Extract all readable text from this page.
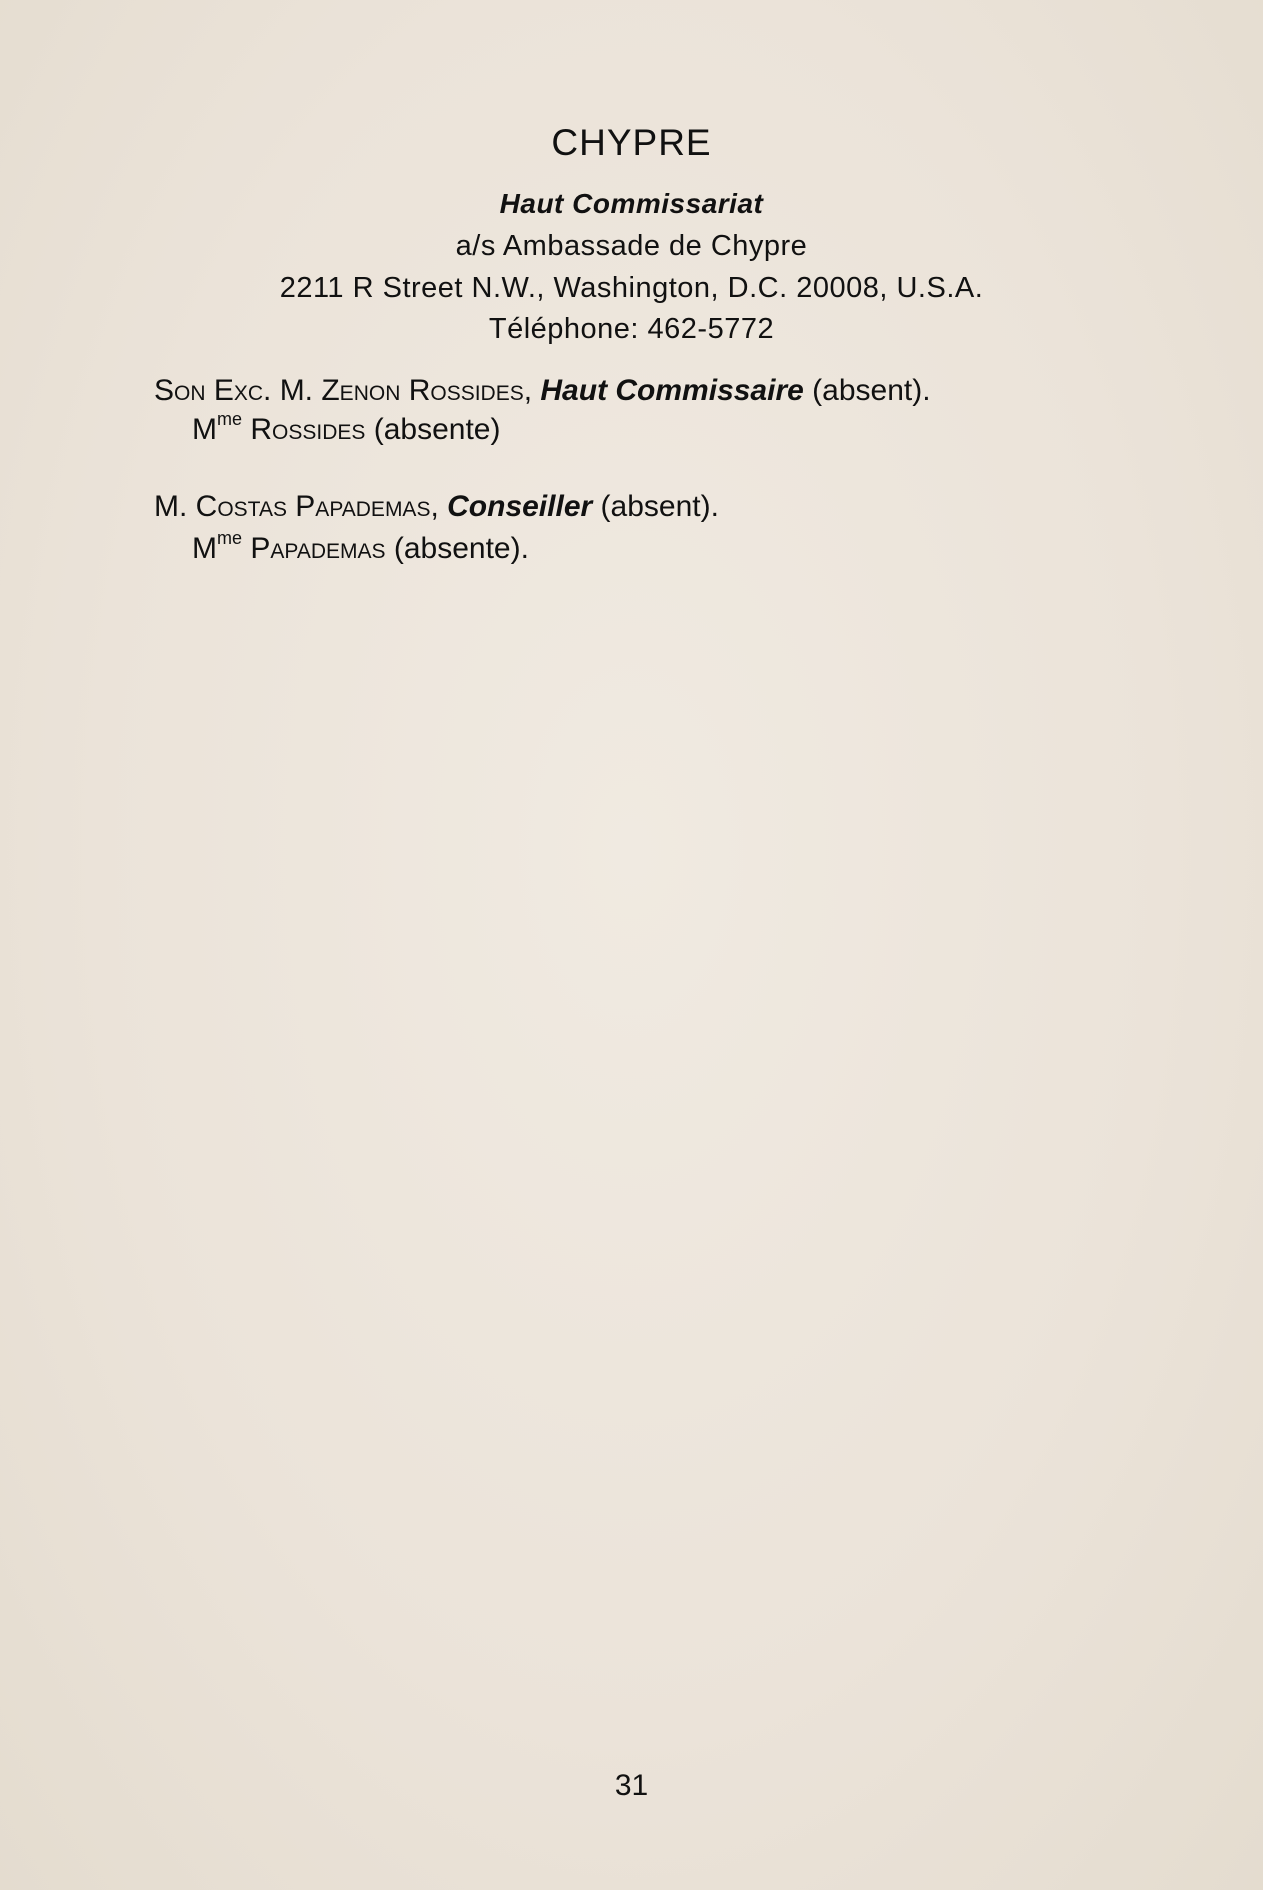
CHYPRE
Haut Commissariat
a/s Ambassade de Chypre
2211 R Street N.W., Washington, D.C. 20008, U.S.A.
Téléphone: 462-5772
Son Exc. M. Zenon Rossides, Haut Commissaire (absent).
$M^{me}$ Rossides (absente)
M. Costas Papademas, Conseiller (absent).
$M^{me}$ Papademas (absente).
31
